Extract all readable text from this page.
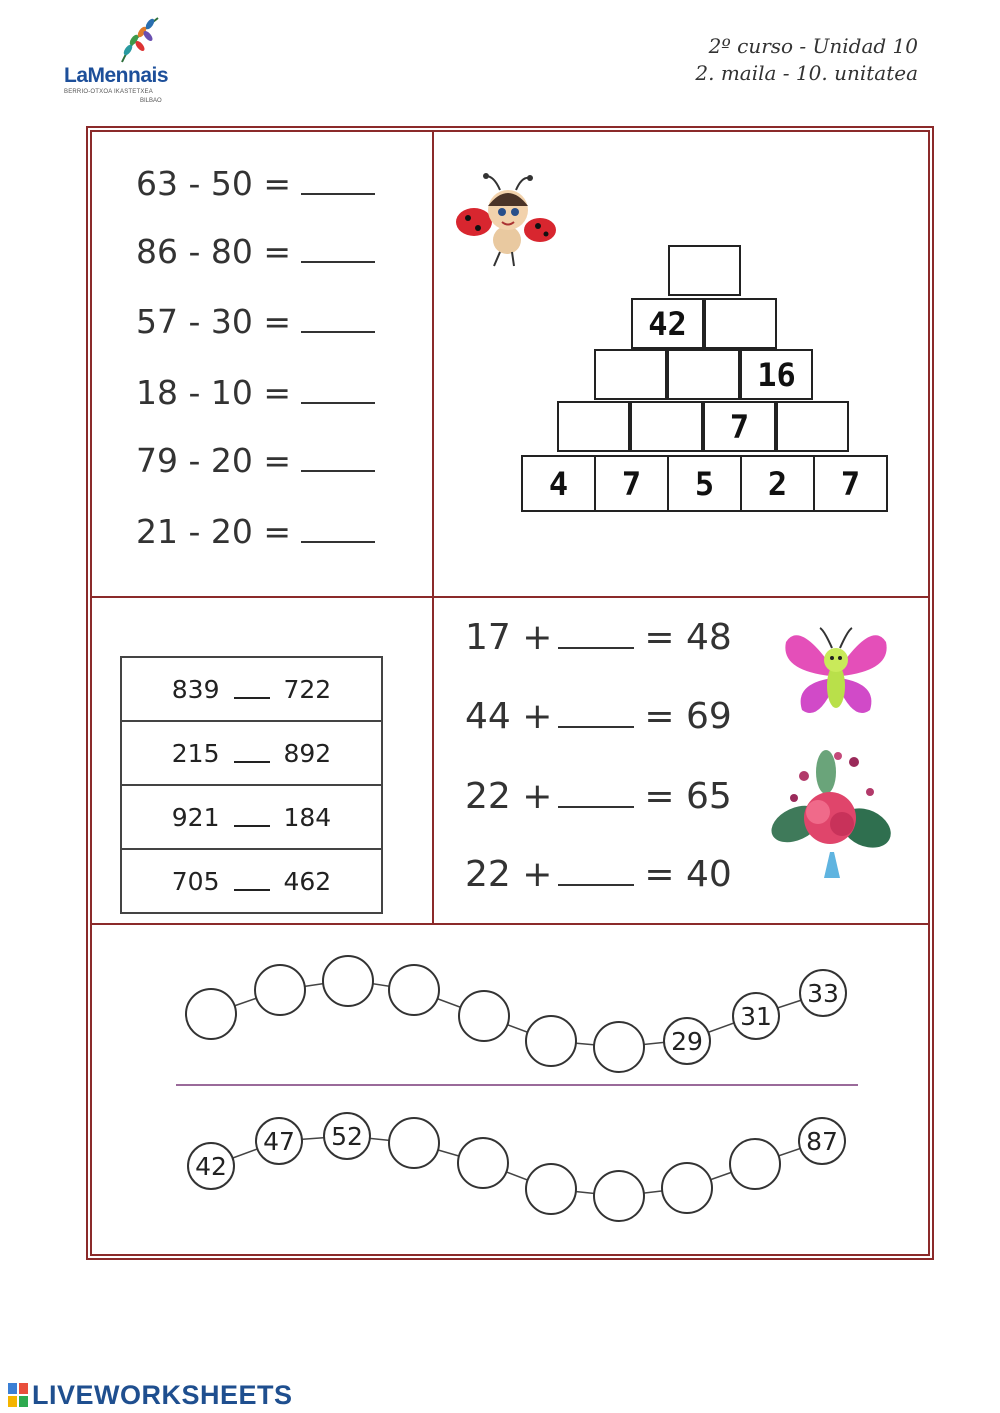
LaMennais
BERRIO-OTXOA IKASTETXEA
BILBAO
2º curso - Unidad 10
2. maila - 10. unitatea
63 - 50 =
86 - 80 =
57 - 30 =
18 - 10 =
79 - 20 =
21 - 20 =
42
16
7
4	7	5	2	7
839	722
215	892
921	184
705	462
17 +	= 48
44 +	= 69
22 +	= 65
22 +	= 40
29
31
33
42
47	52	87
LIVEWORKSHEETS
